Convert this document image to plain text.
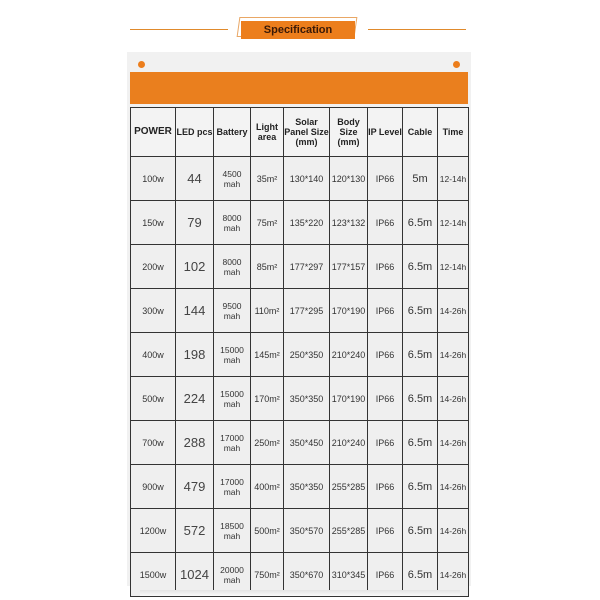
Specification
POWER	LED pcs	Battery	Light area	Solar Panel Size (mm)	Body Size (mm)	IP Level	Cable	Time
100w	44	4500 mah	35m²	130*140	120*130	IP66	5m	12-14h
150w	79	8000 mah	75m²	135*220	123*132	IP66	6.5m	12-14h
200w	102	8000 mah	85m²	177*297	177*157	IP66	6.5m	12-14h
300w	144	9500 mah	110m²	177*295	170*190	IP66	6.5m	14-26h
400w	198	15000 mah	145m²	250*350	210*240	IP66	6.5m	14-26h
500w	224	15000 mah	170m²	350*350	170*190	IP66	6.5m	14-26h
700w	288	17000 mah	250m²	350*450	210*240	IP66	6.5m	14-26h
900w	479	17000 mah	400m²	350*350	255*285	IP66	6.5m	14-26h
1200w	572	18500 mah	500m²	350*570	255*285	IP66	6.5m	14-26h
1500w	1024	20000 mah	750m²	350*670	310*345	IP66	6.5m	14-26h
